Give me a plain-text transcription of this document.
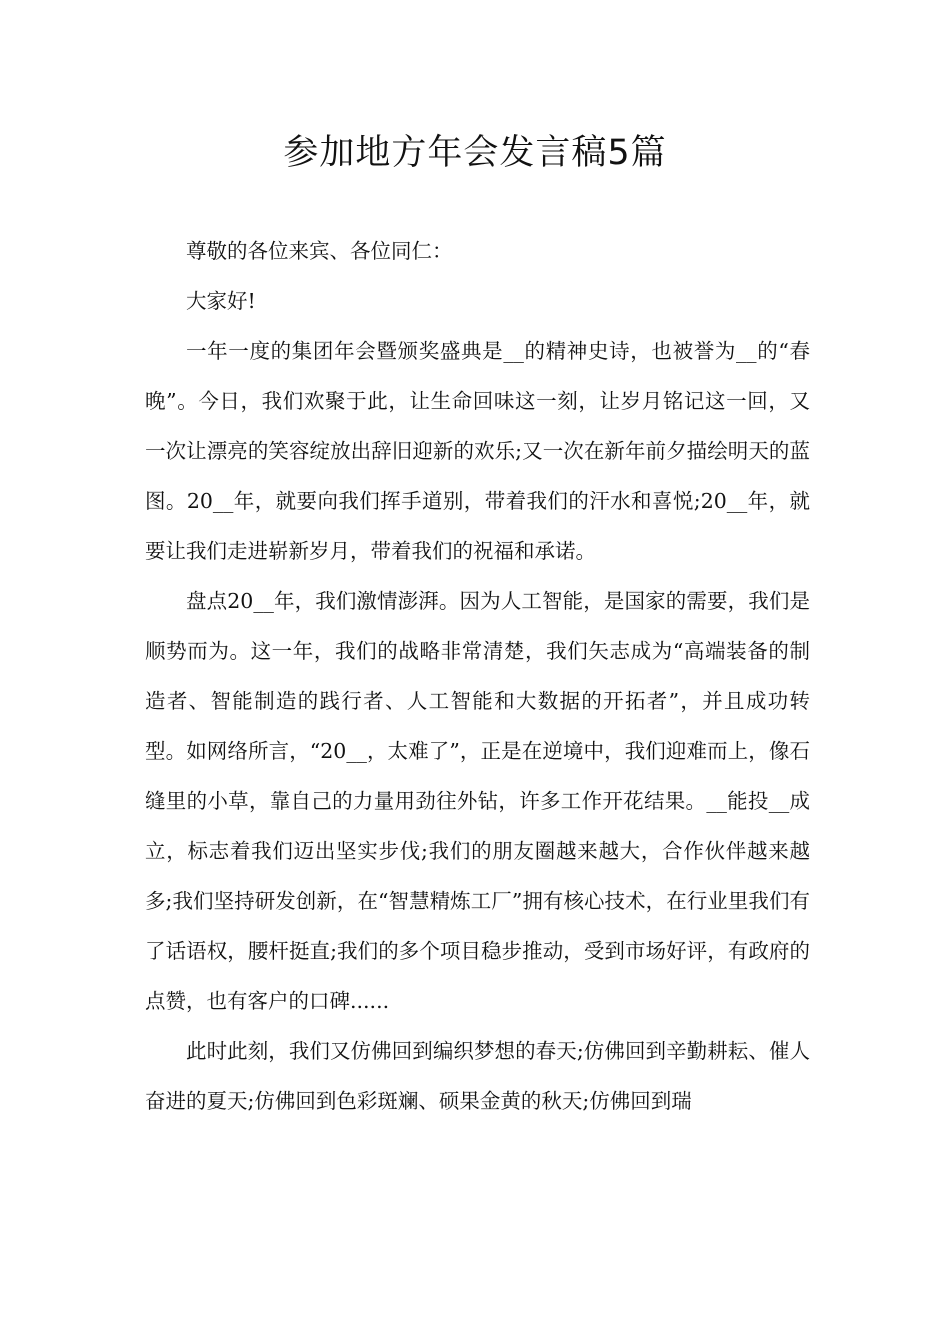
参加地方年会发言稿5篇

尊敬的各位来宾、各位同仁：

大家好!

一年一度的集团年会暨颁奖盛典是__的精神史诗，也被誉为__的“春晚”。今日，我们欢聚于此，让生命回味这一刻，让岁月铭记这一回，又一次让漂亮的笑容绽放出辞旧迎新的欢乐;又一次在新年前夕描绘明天的蓝图。20__年，就要向我们挥手道别，带着我们的汗水和喜悦;20__年，就要让我们走进崭新岁月，带着我们的祝福和承诺。

盘点20__年，我们激情澎湃。因为人工智能，是国家的需要，我们是顺势而为。这一年，我们的战略非常清楚，我们矢志成为“高端装备的制造者、智能制造的践行者、人工智能和大数据的开拓者”，并且成功转型。如网络所言，“20__，太难了”，正是在逆境中，我们迎难而上，像石缝里的小草，靠自己的力量用劲往外钻，许多工作开花结果。__能投__成立，标志着我们迈出坚实步伐;我们的朋友圈越来越大，合作伙伴越来越多;我们坚持研发创新，在“智慧精炼工厂”拥有核心技术，在行业里我们有了话语权，腰杆挺直;我们的多个项目稳步推动，受到市场好评，有政府的点赞，也有客户的口碑......

此时此刻，我们又仿佛回到编织梦想的春天;仿佛回到辛勤耕耘、催人奋进的夏天;仿佛回到色彩斑斓、硕果金黄的秋天;仿佛回到瑞
